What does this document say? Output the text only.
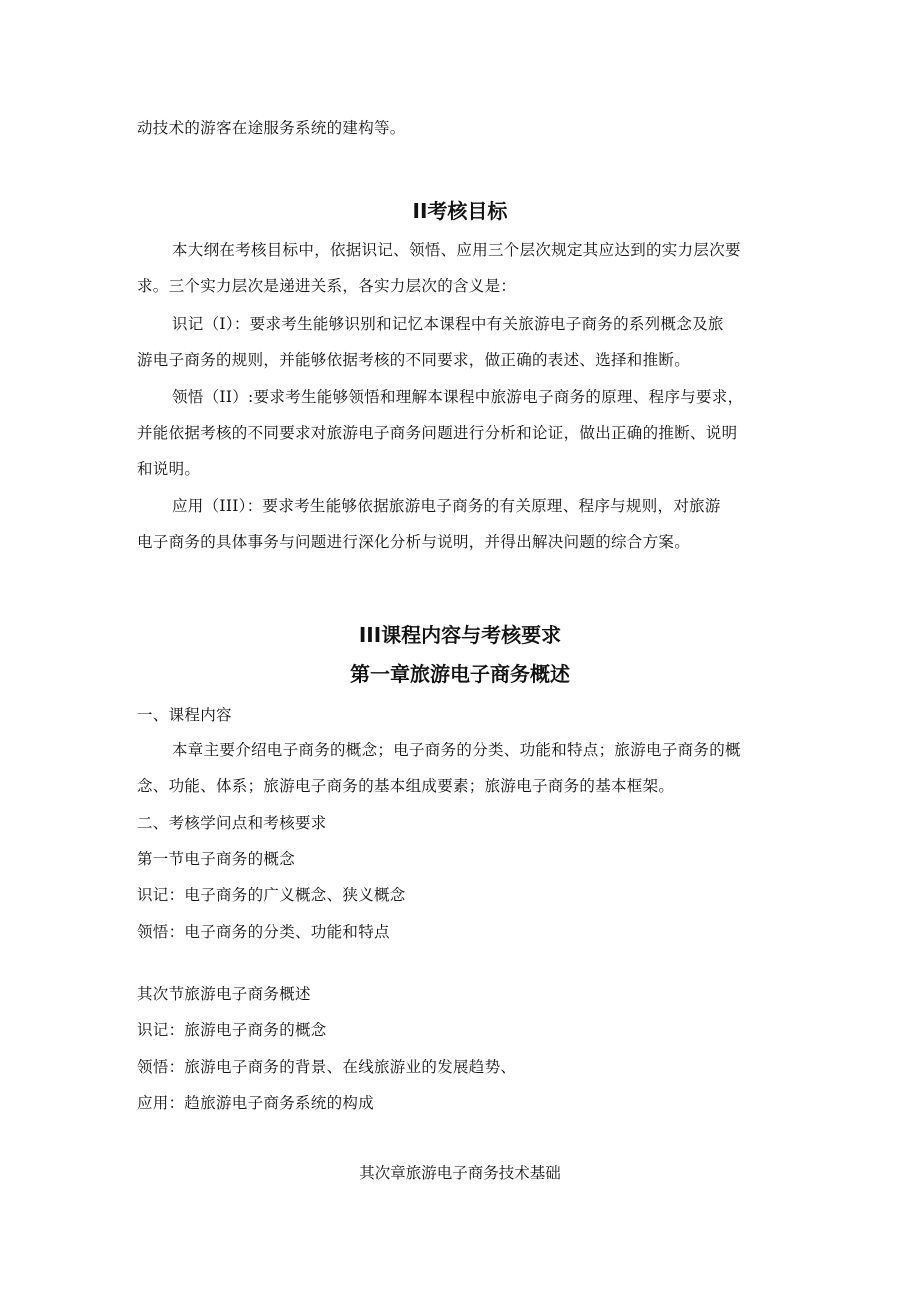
动技术的游客在途服务系统的建构等。
II考核目标
本大纲在考核目标中，依据识记、领悟、应用三个层次规定其应达到的实力层次要
求。三个实力层次是递进关系，各实力层次的含义是：
识记（I）：要求考生能够识别和记忆本课程中有关旅游电子商务的系列概念及旅
游电子商务的规则，并能够依据考核的不同要求，做正确的表述、选择和推断。
领悟（II）:要求考生能够领悟和理解本课程中旅游电子商务的原理、程序与要求，
并能依据考核的不同要求对旅游电子商务问题进行分析和论证，做出正确的推断、说明
和说明。
应用（III）：要求考生能够依据旅游电子商务的有关原理、程序与规则，对旅游
电子商务的具体事务与问题进行深化分析与说明，并得出解决问题的综合方案。
III课程内容与考核要求
第一章旅游电子商务概述
一、课程内容
本章主要介绍电子商务的概念；电子商务的分类、功能和特点；旅游电子商务的概
念、功能、体系；旅游电子商务的基本组成要素；旅游电子商务的基本框架。
二、考核学问点和考核要求
第一节电子商务的概念
识记：电子商务的广义概念、狭义概念
领悟：电子商务的分类、功能和特点
其次节旅游电子商务概述
识记：旅游电子商务的概念
领悟：旅游电子商务的背景、在线旅游业的发展趋势、
应用：趋旅游电子商务系统的构成
其次章旅游电子商务技术基础
